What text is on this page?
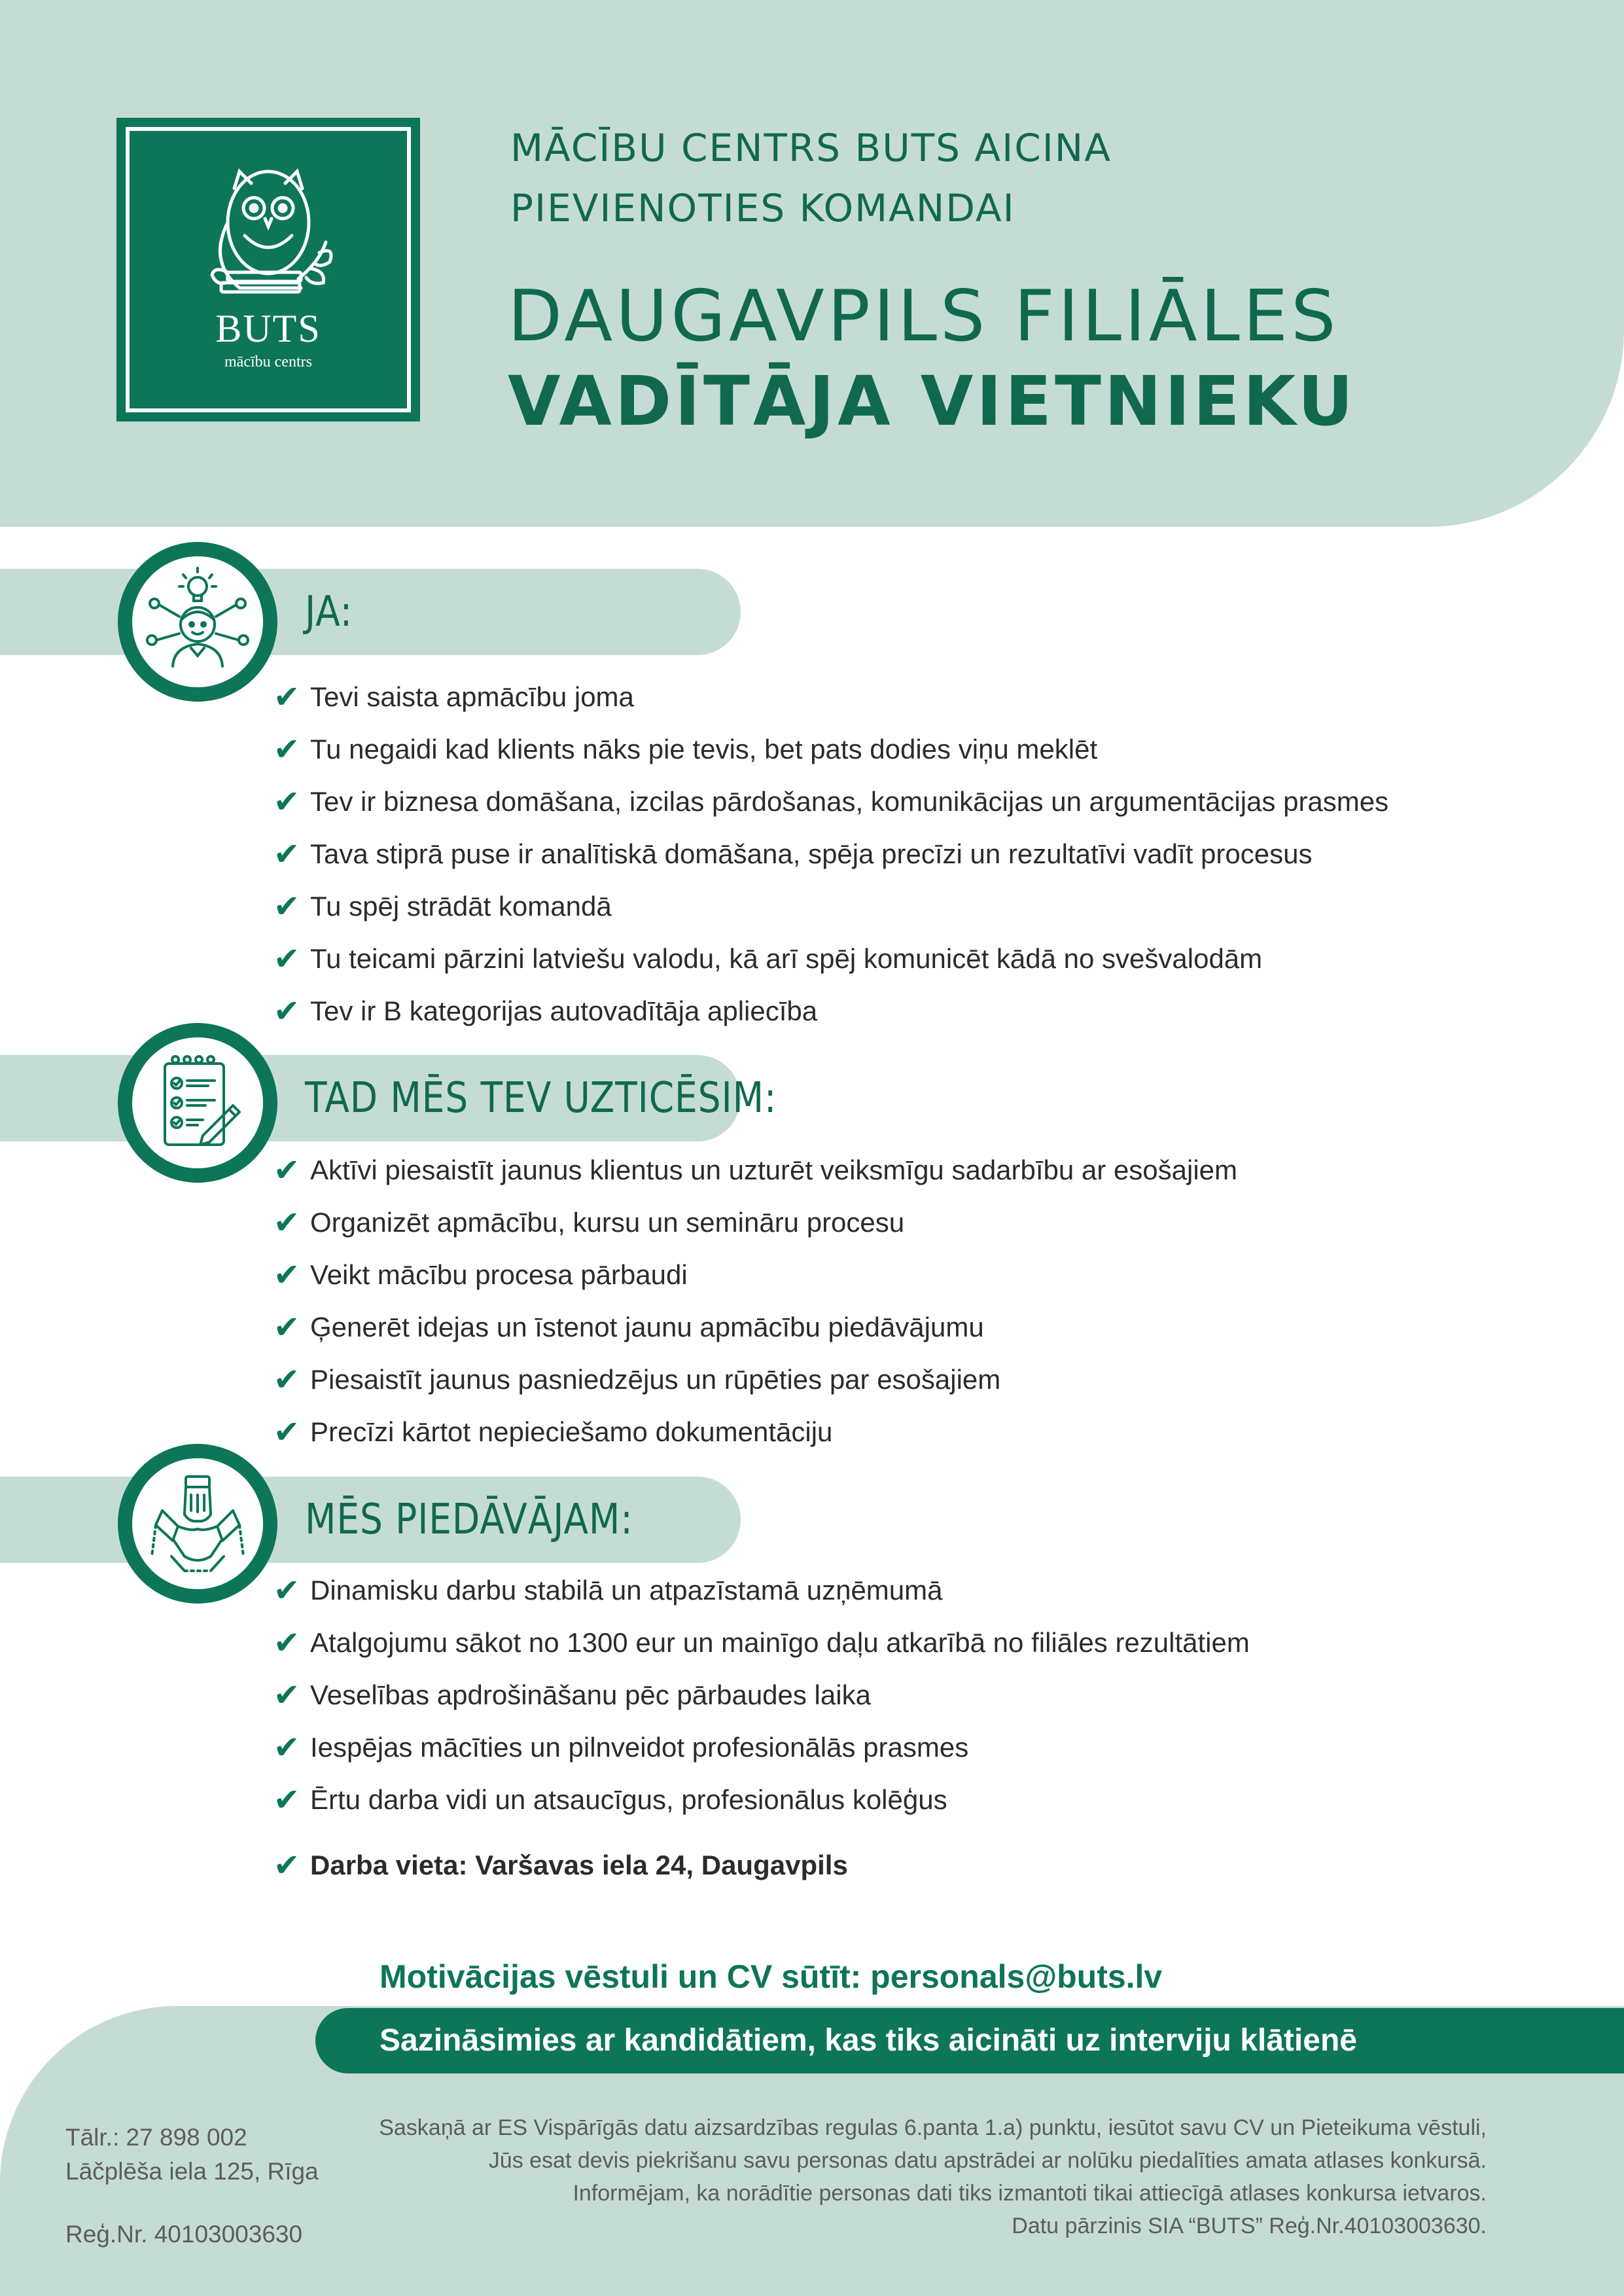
BUTS
mācību centrs
MĀCĪBU CENTRS BUTS AICINA
PIEVIENOTIES KOMANDAI
DAUGAVPILS FILIĀLES
VADĪTĀJA VIETNIEKU
JA:
✔ Tevi saista apmācību joma
✔ Tu negaidi kad klients nāks pie tevis, bet pats dodies viņu meklēt
✔ Tev ir biznesa domāšana, izcilas pārdošanas, komunikācijas un argumentācijas prasmes
✔ Tava stiprā puse ir analītiskā domāšana, spēja precīzi un rezultatīvi vadīt procesus
✔ Tu spēj strādāt komandā
✔ Tu teicami pārzini latviešu valodu, kā arī spēj komunicēt kādā no svešvalodām
✔ Tev ir B kategorijas autovadītāja apliecība
TAD MĒS TEV UZTICĒSIM:
✔ Aktīvi piesaistīt jaunus klientus un uzturēt veiksmīgu sadarbību ar esošajiem
✔ Organizēt apmācību, kursu un semināru procesu
✔ Veikt mācību procesa pārbaudi
✔ Ģenerēt idejas un īstenot jaunu apmācību piedāvājumu
✔ Piesaistīt jaunus pasniedzējus un rūpēties par esošajiem
✔ Precīzi kārtot nepieciešamo dokumentāciju
MĒS PIEDĀVĀJAM:
✔ Dinamisku darbu stabilā un atpazīstamā uzņēmumā
✔ Atalgojumu sākot no 1300 eur un mainīgo daļu atkarībā no filiāles rezultātiem
✔ Veselības apdrošināšanu pēc pārbaudes laika
✔ Iespējas mācīties un pilnveidot profesionālās prasmes
✔ Ērtu darba vidi un atsaucīgus, profesionālus kolēģus
✔ Darba vieta: Varšavas iela 24, Daugavpils
Motivācijas vēstuli un CV sūtīt: personals@buts.lv
Sazināsimies ar kandidātiem, kas tiks aicināti uz interviju klātienē
Tālr.: 27 898 002
Lāčplēša iela 125, Rīga
Reģ.Nr. 40103003630
Saskaņā ar ES Vispārīgās datu aizsardzības regulas 6.panta 1.a) punktu, iesūtot savu CV un Pieteikuma vēstuli,
Jūs esat devis piekrišanu savu personas datu apstrādei ar nolūku piedalīties amata atlases konkursā.
Informējam, ka norādītie personas dati tiks izmantoti tikai attiecīgā atlases konkursa ietvaros.
Datu pārzinis SIA “BUTS” Reģ.Nr.40103003630.
